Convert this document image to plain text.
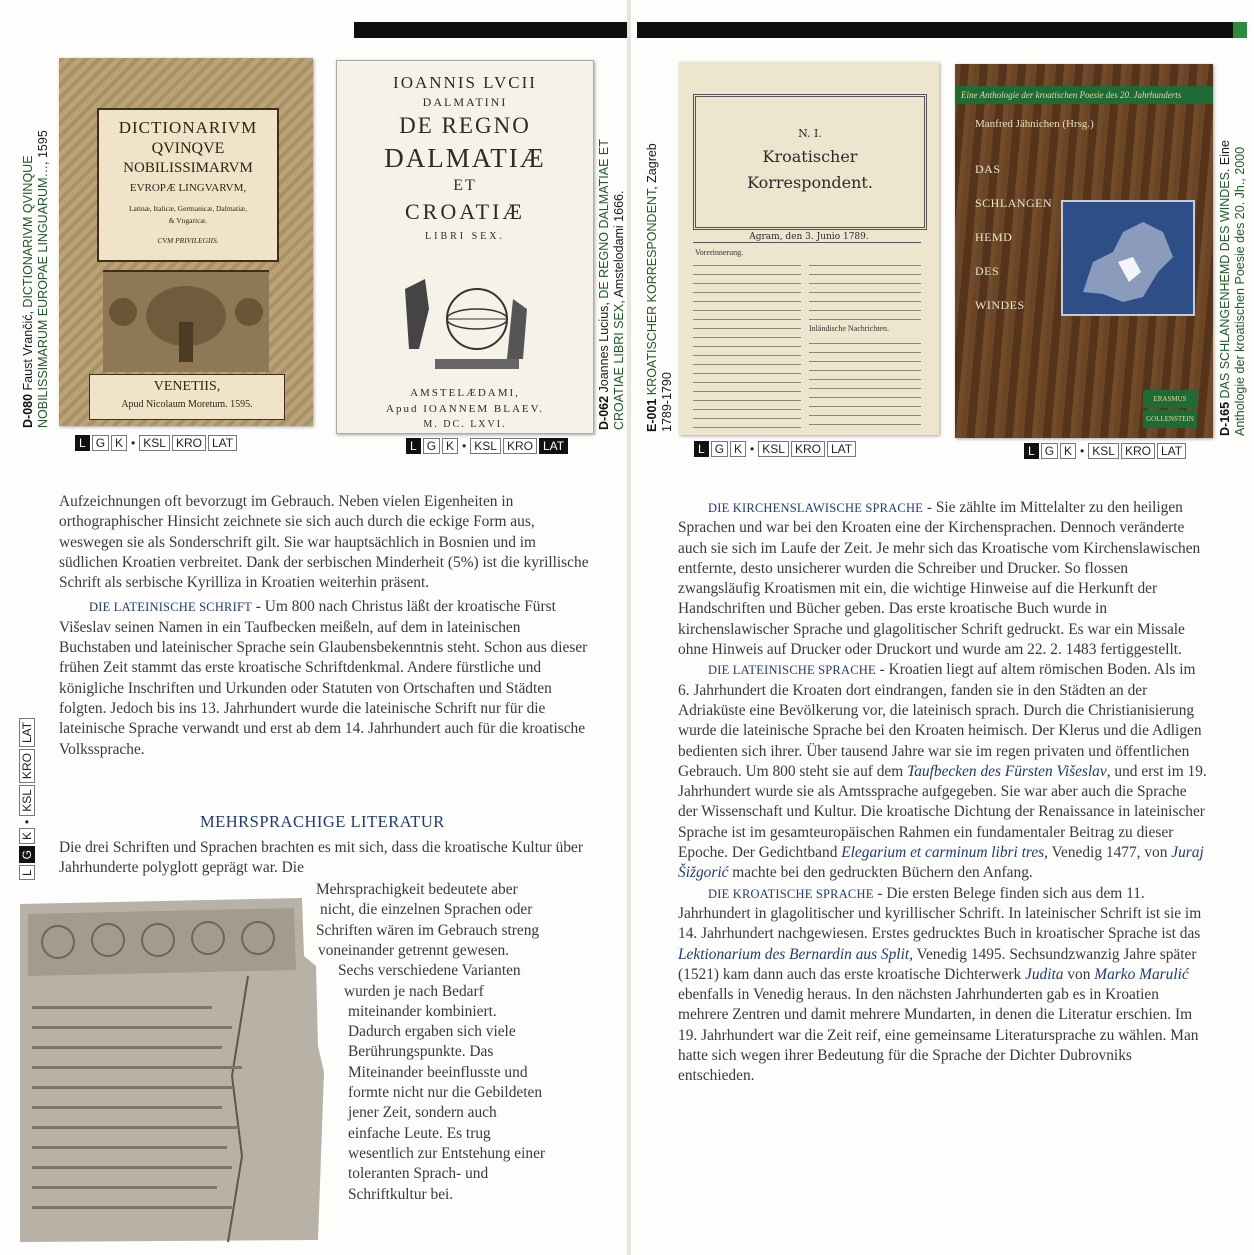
DICTIONARIVM
QVINQVE
NOBILISSIMARVM
EVROPÆ LINGVARVM,
Latinæ, Italicæ, Germanicæ, Dalmatiæ,
& Vngaricæ.
CVM PRIVILEGIIS.
VENETIIS,
Apud Nicolaum Moretum. 1595.
IOANNIS LVCII
DALMATINI
DE REGNO
DALMATIÆ
ET
CROATIÆ
LIBRI SEX.
AMSTELÆDAMI,
Apud IOANNEM BLAEV.
M. DC. LXVI.
N. I.
Kroatischer
Korrespondent.
Agram, den 3. Junio 1789.
Vorerinnerung.
Inländische Nachrichten.
Eine Anthologie der kroatischen Poesie des 20. Jahrhunderts
Manfred Jähnichen (Hrsg.)
DAS
SCHLANGEN
HEMD
DES
WINDES
ERASMUS
GOLLENSTEIN
D-080 Faust Vrančić, DICTIONARIVM QVINQUE NOBILISSIMARUM EUROPAE LINGUARUM…, 1595
D-062 Joannes Lucius, DE REGNO DALMATIAE ET
CROATIAE LIBRI SEX, Amstelodami 1666.
E-001 KROATISCHER KORRESPONDENT, Zagreb
1789-1790	D-165 DAS SCHLANGENHEMD DES WINDES. Eine Anthologie der kroatischen Poesie des 20. Jh., 2000
L G K • KSL KRO LAT	L G K • KSL KRO LAT	L G K • KSL KRO LAT	L G K • KSL KRO LAT
L
G
K
•
KSL
KRO
LAT

Aufzeichnungen oft bevorzugt im Gebrauch. Neben vielen Eigenheiten in orthographischer Hinsicht zeichnete sie sich auch durch die eckige Form aus, weswegen sie als Sonderschrift gilt. Sie war hauptsächlich in Bosnien und im südlichen Kroatien verbreitet. Dank der serbischen Minderheit (5%) ist die kyrillische Schrift als serbische Kyrilliza in Kroatien weiterhin präsent.

DIE LATEINISCHE SCHRIFT - Um 800 nach Christus läßt der kroatische Fürst Višeslav seinen Namen in ein Taufbecken meißeln, auf dem in lateinischen Buchstaben und lateinischer Sprache sein Glaubensbekenntnis steht. Schon aus dieser frühen Zeit stammt das erste kroatische Schriftdenkmal. Andere fürstliche und königliche Inschriften und Urkunden oder Statuten von Ortschaften und Städten folgten. Jedoch bis ins 13. Jahrhundert wurde die lateinische Schrift nur für die lateinische Sprache verwandt und erst ab dem 14. Jahrhundert auch für die kroatische Volkssprache.

MEHRSPRACHIGE LITERATUR
Die drei Schriften und Sprachen brachten es mit sich, dass die kroatische Kultur über Jahrhunderte polyglott geprägt war. Die
Mehrsprachigkeit bedeutete aber
nicht, die einzelnen Sprachen oder
Schriften wären im Gebrauch streng
voneinander getrennt gewesen.
Sechs verschiedene Varianten
wurden je nach Bedarf
miteinander kombiniert.
Dadurch ergaben sich viele
Berührungspunkte. Das
Miteinander beeinflusste und
formte nicht nur die Gebildeten
jener Zeit, sondern auch
einfache Leute. Es trug
wesentlich zur Entstehung einer
toleranten Sprach- und
Schriftkultur bei.

DIE KIRCHENSLAWISCHE SPRACHE - Sie zählte im Mittelalter zu den heiligen Sprachen und war bei den Kroaten eine der Kirchensprachen. Dennoch veränderte auch sie sich im Laufe der Zeit. Je mehr sich das Kroatische vom Kirchenslawischen entfernte, desto unsicherer wurden die Schreiber und Drucker. So flossen zwangsläufig Kroatismen mit ein, die wichtige Hinweise auf die Herkunft der Handschriften und Bücher geben. Das erste kroatische Buch wurde in kirchenslawischer Sprache und glagolitischer Schrift gedruckt. Es war ein Missale ohne Hinweis auf Drucker oder Druckort und wurde am 22. 2. 1483 fertiggestellt.

DIE LATEINISCHE SPRACHE - Kroatien liegt auf altem römischen Boden. Als im 6. Jahrhundert die Kroaten dort eindrangen, fanden sie in den Städten an der Adriaküste eine Bevölkerung vor, die lateinisch sprach. Durch die Christianisierung wurde die lateinische Sprache bei den Kroaten heimisch. Der Klerus und die Adligen bedienten sich ihrer. Über tausend Jahre war sie im regen privaten und öffentlichen Gebrauch. Um 800 steht sie auf dem Taufbecken des Fürsten Višeslav, und erst im 19. Jahrhundert wurde sie als Amtssprache aufgegeben. Sie war aber auch die Sprache der Wissenschaft und Kultur. Die kroatische Dichtung der Renaissance in lateinischer Sprache ist im gesamteuropäischen Rahmen ein fundamentaler Beitrag zu dieser Epoche. Der Gedichtband Elegarium et carminum libri tres, Venedig 1477, von Juraj Šižgorić machte bei den gedruckten Büchern den Anfang.

DIE KROATISCHE SPRACHE - Die ersten Belege finden sich aus dem 11. Jahrhundert in glagolitischer und kyrillischer Schrift. In lateinischer Schrift ist sie im 14. Jahrhundert nachgewiesen. Erstes gedrucktes Buch in kroatischer Sprache ist das Lektionarium des Bernardin aus Split, Venedig 1495. Sechsundzwanzig Jahre später (1521) kam dann auch das erste kroatische Dichterwerk Judita von Marko Marulić ebenfalls in Venedig heraus. In den nächsten Jahrhunderten gab es in Kroatien mehrere Zentren und damit mehrere Mundarten, in denen die Literatur erschien. Im 19. Jahrhundert war die Zeit reif, eine gemeinsame Literatursprache zu wählen. Man hatte sich wegen ihrer Bedeutung für die Sprache der Dichter Dubrovniks entschieden.
